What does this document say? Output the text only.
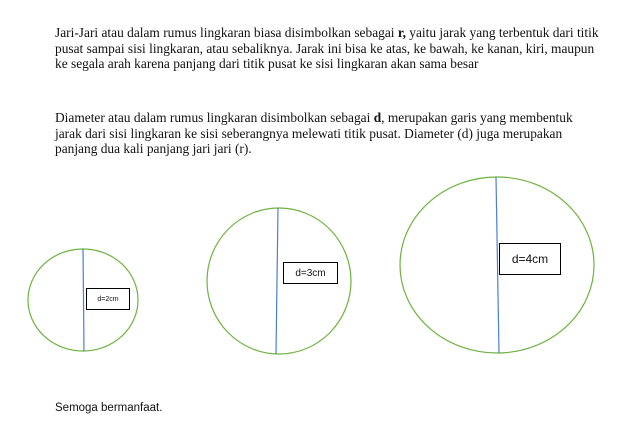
Jari-Jari atau dalam rumus lingkaran biasa disimbolkan sebagai r, yaitu jarak yang terbentuk dari titik pusat sampai sisi lingkaran, atau sebaliknya. Jarak ini bisa ke atas, ke bawah, ke kanan, kiri, maupun ke segala arah karena panjang dari titik pusat ke sisi lingkaran akan sama besar

Diameter atau dalam rumus lingkaran disimbolkan sebagai d, merupakan garis yang membentuk jarak dari sisi lingkaran ke sisi seberangnya melewati titik pusat. Diameter (d) juga merupakan panjang dua kali panjang jari jari (r).

d=2cm
d=3cm
d=4cm

Semoga bermanfaat.
